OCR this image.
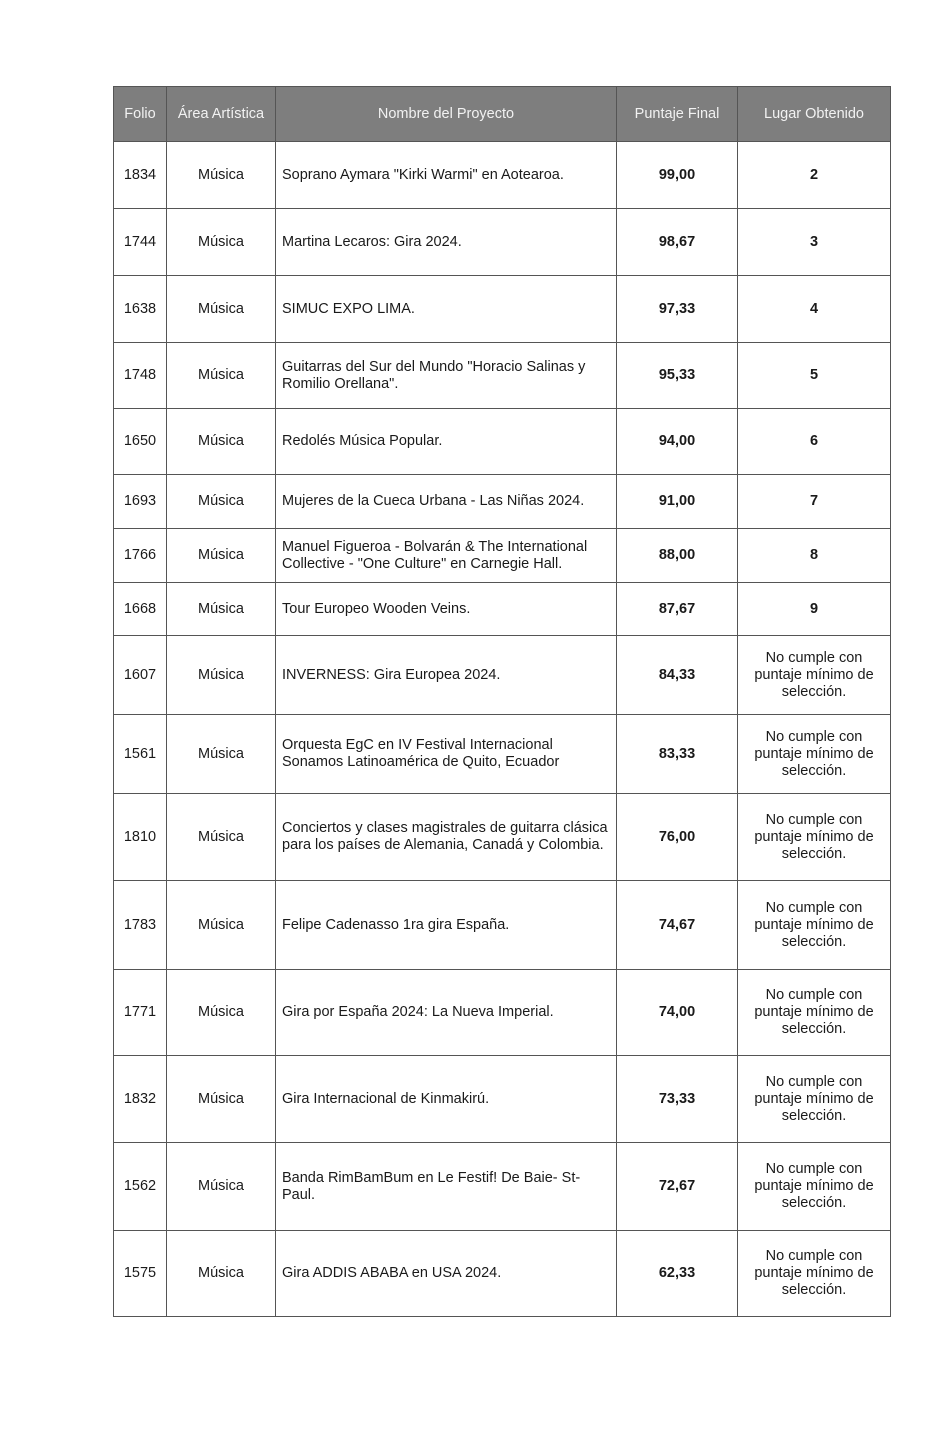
Folio	Área Artística	Nombre del Proyecto	Puntaje Final	Lugar Obtenido
1834	Música	Soprano Aymara "Kirki Warmi" en Aotearoa.	99,00	2
1744	Música	Martina Lecaros: Gira 2024.	98,67	3
1638	Música	SIMUC EXPO LIMA.	97,33	4
1748	Música	Guitarras del Sur del Mundo "Horacio Salinas y Romilio Orellana".	95,33	5
1650	Música	Redolés Música Popular.	94,00	6
1693	Música	Mujeres de la Cueca Urbana - Las Niñas 2024.	91,00	7
1766	Música	Manuel Figueroa - Bolvarán & The International Collective - "One Culture" en Carnegie Hall.	88,00	8
1668	Música	Tour Europeo Wooden Veins.	87,67	9
1607	Música	INVERNESS: Gira Europea 2024.	84,33	No cumple con puntaje mínimo de selección.
1561	Música	Orquesta EgC en IV Festival Internacional Sonamos Latinoamérica de Quito, Ecuador	83,33	No cumple con puntaje mínimo de selección.
1810	Música	Conciertos y clases magistrales de guitarra clásica para los países de Alemania, Canadá y Colombia.	76,00	No cumple con puntaje mínimo de selección.
1783	Música	Felipe Cadenasso 1ra gira España.	74,67	No cumple con puntaje mínimo de selección.
1771	Música	Gira por España 2024: La Nueva Imperial.	74,00	No cumple con puntaje mínimo de selección.
1832	Música	Gira Internacional de Kinmakirú.	73,33	No cumple con puntaje mínimo de selección.
1562	Música	Banda RimBamBum en Le Festif! De Baie- St-Paul.	72,67	No cumple con puntaje mínimo de selección.
1575	Música	Gira ADDIS ABABA en USA 2024.	62,33	No cumple con puntaje mínimo de selección.
